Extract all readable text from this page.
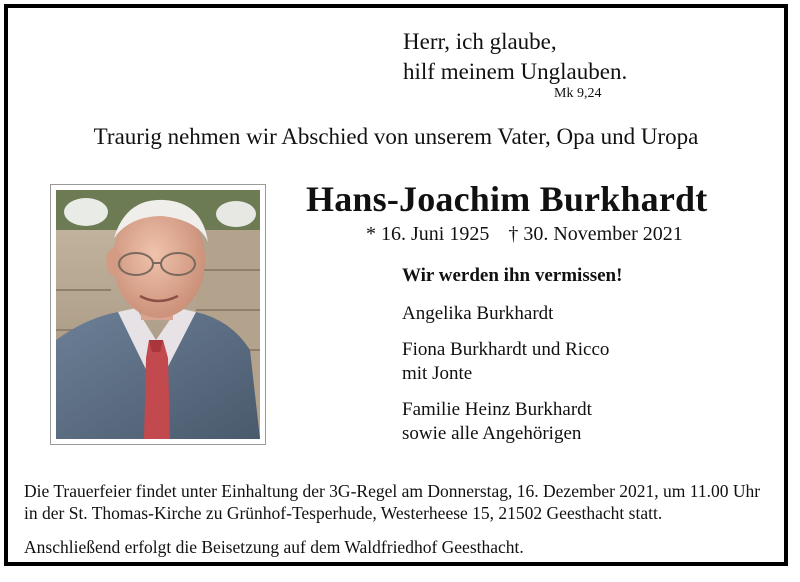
Herr, ich glaube,
hilf meinem Unglauben.
Mk 9,24
Traurig nehmen wir Abschied von unserem Vater, Opa und Uropa
Hans-Joachim Burkhardt
* 16. Juni 1925 † 30. November 2021
Wir werden ihn vermissen!
Angelika Burkhardt
Fiona Burkhardt und Ricco
mit Jonte
Familie Heinz Burkhardt
sowie alle Angehörigen

Die Trauerfeier findet unter Einhaltung der 3G-Regel am Donnerstag, 16. Dezember 2021, um 11.00 Uhr
in der St. Thomas-Kirche zu Grünhof-Tesperhude, Westerheese 15, 21502 Geesthacht statt.

Anschließend erfolgt die Beisetzung auf dem Waldfriedhof Geesthacht.
